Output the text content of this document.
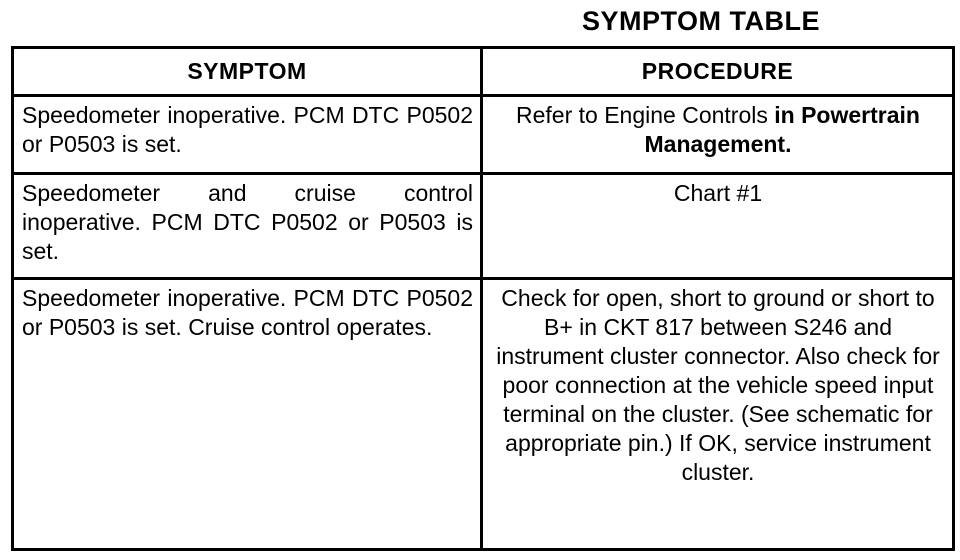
SYMPTOM TABLE
SYMPTOM	PROCEDURE
Speedometer inoperative. PCM DTC P0502 or P0503 is set.	Refer to Engine Controls in Powertrain Management.
Speedometer and cruise control inoperative. PCM DTC P0502 or P0503 is set.	Chart #1
Speedometer inoperative. PCM DTC P0502 or P0503 is set. Cruise control operates.	Check for open, short to ground or short to B+ in CKT 817 between S246 and instrument cluster connector. Also check for poor connection at the vehicle speed input terminal on the cluster. (See schematic for appropriate pin.) If OK, service instrument cluster.
